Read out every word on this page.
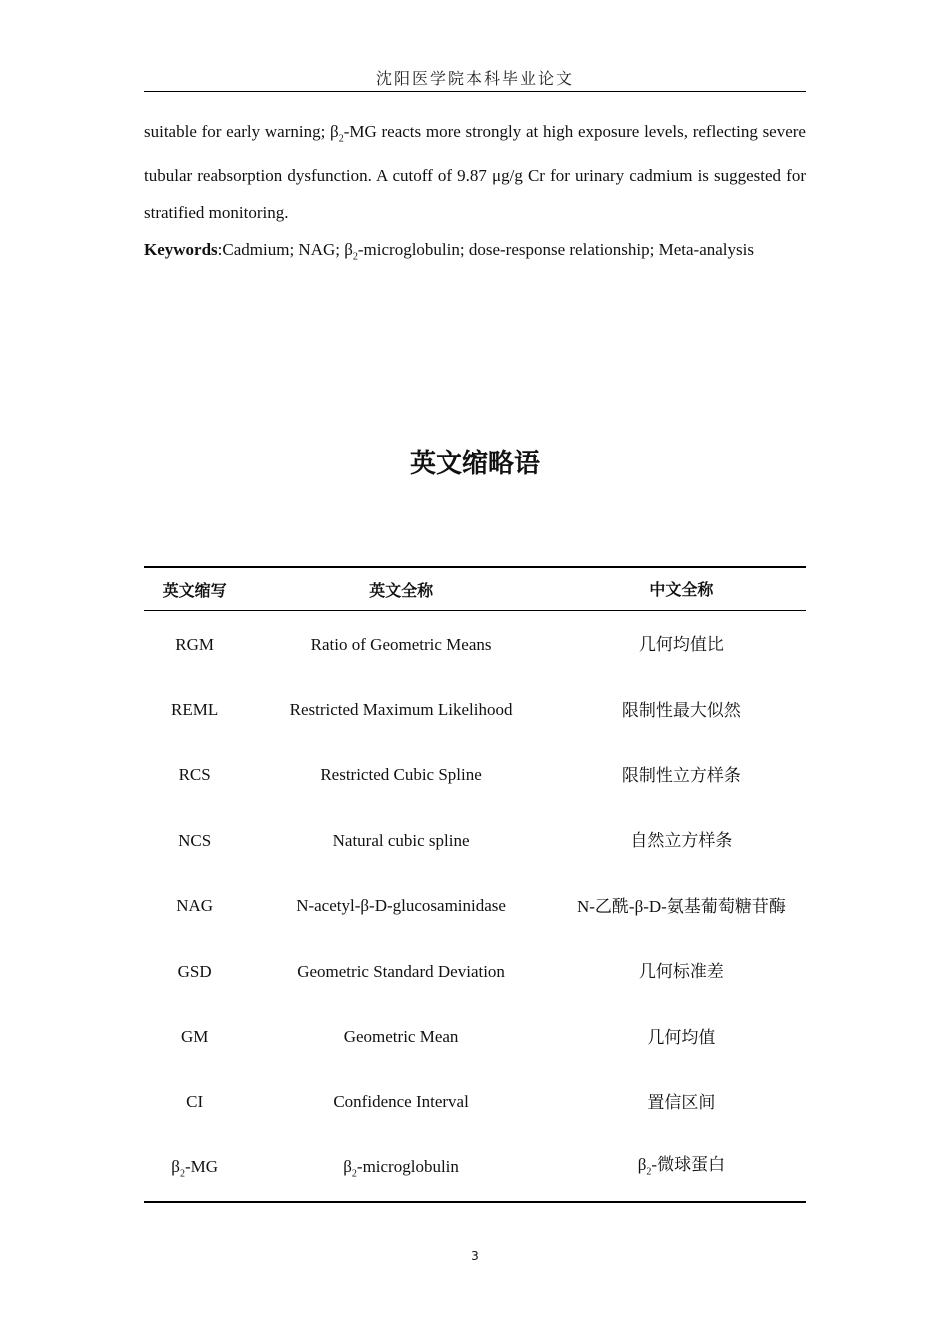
沈阳医学院本科毕业论文

suitable for early warning; $\beta_2-MG$ reacts more strongly at high exposure levels, reflecting severe tubular reabsorption dysfunction. A cutoff of 9.87 μg/g Cr for urinary cadmium is suggested for stratified monitoring.

Keywords:Cadmium; NAG; $\beta_2$-microglobulin; dose-response relationship; Meta-analysis

英文缩略语
英文缩写	英文全称	中文全称
RGM	Ratio of Geometric Means	几何均值比
REML	Restricted Maximum Likelihood	限制性最大似然
RCS	Restricted Cubic Spline	限制性立方样条
NCS	Natural cubic spline	自然立方样条
NAG	N-acetyl-β-D-glucosaminidase	N-乙酰-β-D-氨基葡萄糖苷酶
GSD	Geometric Standard Deviation	几何标准差
GM	Geometric Mean	几何均值
CI	Confidence Interval	置信区间
$\beta_2-MG$	$\beta_2$-microglobulin	$\beta_2-$微球蛋白
3
